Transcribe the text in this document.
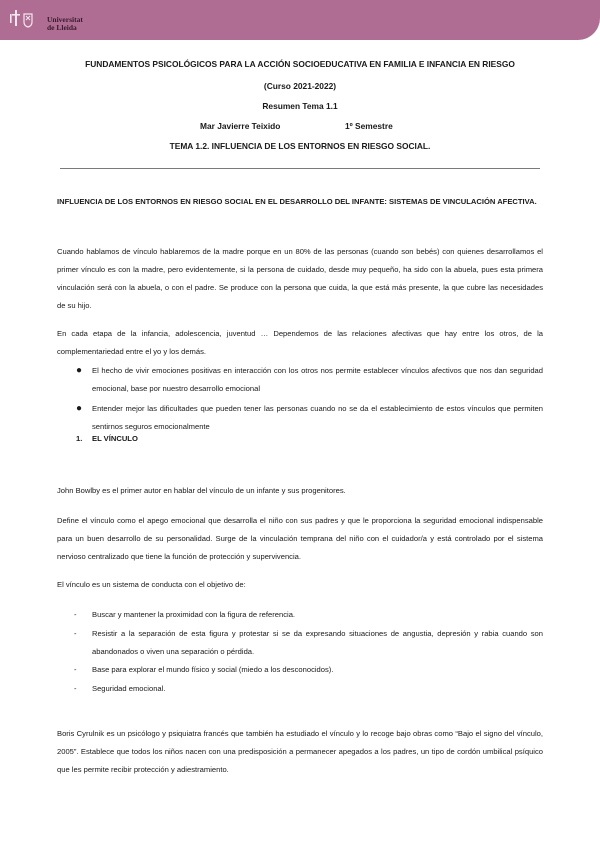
Universitat
de Lleida
FUNDAMENTOS PSICOLÓGICOS PARA LA ACCIÓN SOCIOEDUCATIVA EN FAMILIA E INFANCIA EN RIESGO
(Curso 2021-2022)
Resumen Tema 1.1
Mar Javierre Teixido	1º Semestre
TEMA 1.2. INFLUENCIA DE LOS ENTORNOS EN RIESGO SOCIAL.

INFLUENCIA DE LOS ENTORNOS EN RIESGO SOCIAL EN EL DESARROLLO DEL INFANTE: SISTEMAS DE VINCULACIÓN AFECTIVA.

Cuando hablamos de vínculo hablaremos de la madre porque en un 80% de las personas (cuando son bebés) con quienes desarrollamos el primer vínculo es con la madre, pero evidentemente, si la persona de cuidado, desde muy pequeño, ha sido con la abuela, pues esta primera vinculación será con la abuela, o con el padre. Se produce con la persona que cuida, la que está más presente, la que cubre las necesidades de su hijo.

En cada etapa de la infancia, adolescencia, juventud … Dependemos de las relaciones afectivas que hay entre los otros, de la complementariedad entre el yo y los demás.

● El hecho de vivir emociones positivas en interacción con los otros nos permite establecer vínculos afectivos que nos dan seguridad emocional, base por nuestro desarrollo emocional

● Entender mejor las dificultades que pueden tener las personas cuando no se da el establecimiento de estos vínculos que permiten sentirnos seguros emocionalmente

1. EL VÍNCULO

John Bowlby es el primer autor en hablar del vínculo de un infante y sus progenitores.

Define el vínculo como el apego emocional que desarrolla el niño con sus padres y que le proporciona la seguridad emocional indispensable para un buen desarrollo de su personalidad. Surge de la vinculación temprana del niño con el cuidador/a y está controlado por el sistema nervioso centralizado que tiene la función de protección y supervivencia.

El vínculo es un sistema de conducta con el objetivo de:

- Buscar y mantener la proximidad con la figura de referencia.

- Resistir a la separación de esta figura y protestar si se da expresando situaciones de angustia, depresión y rabia cuando son abandonados o viven una separación o pérdida.

- Base para explorar el mundo físico y social (miedo a los desconocidos).

- Seguridad emocional.

Boris Cyrulnik es un psicólogo y psiquiatra francés que también ha estudiado el vínculo y lo recoge bajo obras como “Bajo el signo del vínculo, 2005”. Establece que todos los niños nacen con una predisposición a permanecer apegados a los padres, un tipo de cordón umbilical psíquico que les permite recibir protección y adiestramiento.
